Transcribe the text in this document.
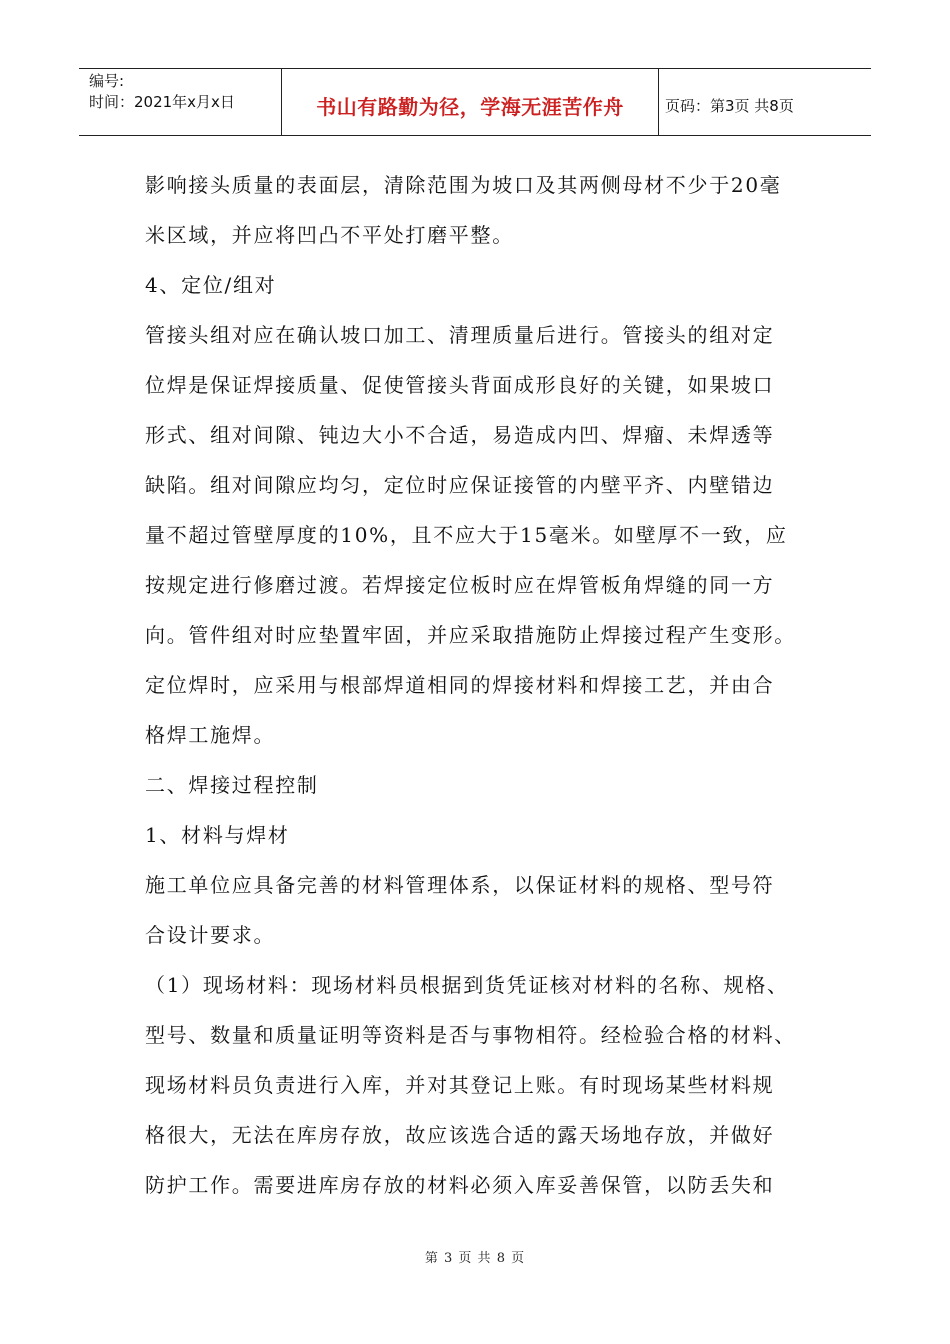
编号:
时间：2021年x月x日	书山有路勤为径，学海无涯苦作舟	页码：第3页 共8页
影响接头质量的表面层，清除范围为坡口及其两侧母材不少于20毫
米区域，并应将凹凸不平处打磨平整。
4、定位/组对
管接头组对应在确认坡口加工、清理质量后进行。管接头的组对定
位焊是保证焊接质量、促使管接头背面成形良好的关键，如果坡口
形式、组对间隙、钝边大小不合适，易造成内凹、焊瘤、未焊透等
缺陷。组对间隙应均匀，定位时应保证接管的内壁平齐、内壁错边
量不超过管壁厚度的10%，且不应大于15毫米。如壁厚不一致，应
按规定进行修磨过渡。若焊接定位板时应在焊管板角焊缝的同一方
向。管件组对时应垫置牢固，并应采取措施防止焊接过程产生变形。
定位焊时，应采用与根部焊道相同的焊接材料和焊接工艺，并由合
格焊工施焊。
二、焊接过程控制
1、材料与焊材
施工单位应具备完善的材料管理体系，以保证材料的规格、型号符
合设计要求。
（1）现场材料：现场材料员根据到货凭证核对材料的名称、规格、
型号、数量和质量证明等资料是否与事物相符。经检验合格的材料、
现场材料员负责进行入库，并对其登记上账。有时现场某些材料规
格很大，无法在库房存放，故应该选合适的露天场地存放，并做好
防护工作。需要进库房存放的材料必须入库妥善保管，以防丢失和
第 3 页 共 8 页
